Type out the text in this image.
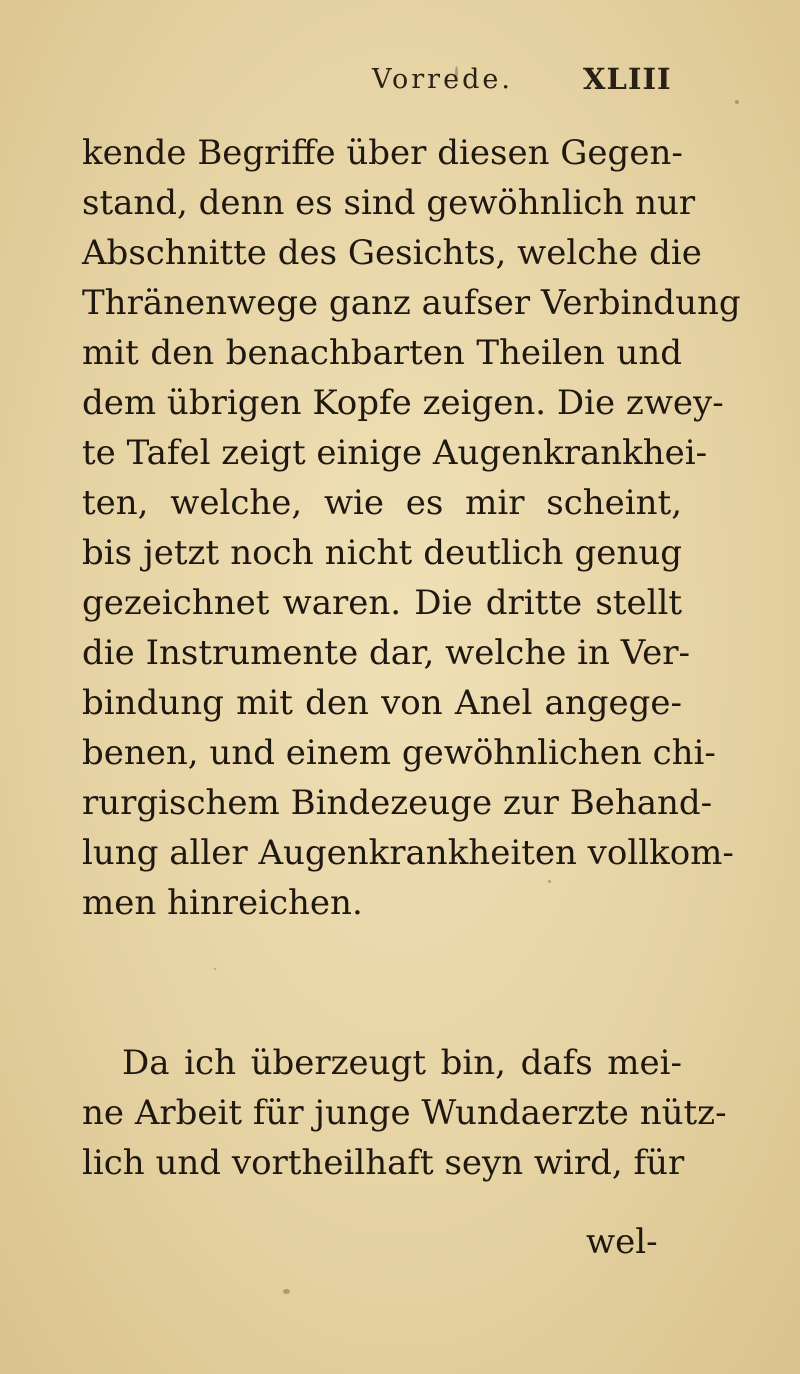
Vorrede. XLIII
kende Begriffe über diesen Gegen-
stand, denn es sind gewöhnlich nur
Abschnitte des Gesichts, welche die
Thränenwege ganz aufser Verbindung
mit den benachbarten Theilen und
dem übrigen Kopfe zeigen. Die zwey-
te Tafel zeigt einige Augenkrankhei-
ten, welche, wie es mir scheint,
bis jetzt noch nicht deutlich genug
gezeichnet waren. Die dritte stellt
die Instrumente dar, welche in Ver-
bindung mit den von Anel angege-
benen, und einem gewöhnlichen chi-
rurgischem Bindezeuge zur Behand-
lung aller Augenkrankheiten vollkom-
men hinreichen.
Da ich überzeugt bin, dafs mei-
ne Arbeit für junge Wundaerzte nütz-
lich und vortheilhaft seyn wird, für
wel-
